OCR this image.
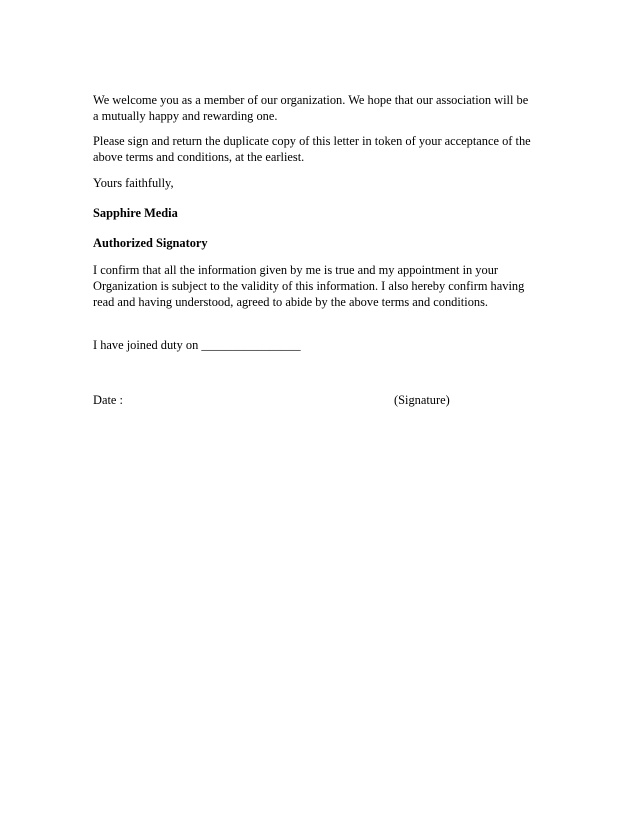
We welcome you as a member of our organization. We hope that our association will be
a mutually happy and rewarding one.
Please sign and return the duplicate copy of this letter in token of your acceptance of the
above terms and conditions, at the earliest.
Yours faithfully,
Sapphire Media
Authorized Signatory
I confirm that all the information given by me is true and my appointment in your
Organization is subject to the validity of this information. I also hereby confirm having
read and having understood, agreed to abide by the above terms and conditions.
I have joined duty on ________________
Date :	(Signature)
